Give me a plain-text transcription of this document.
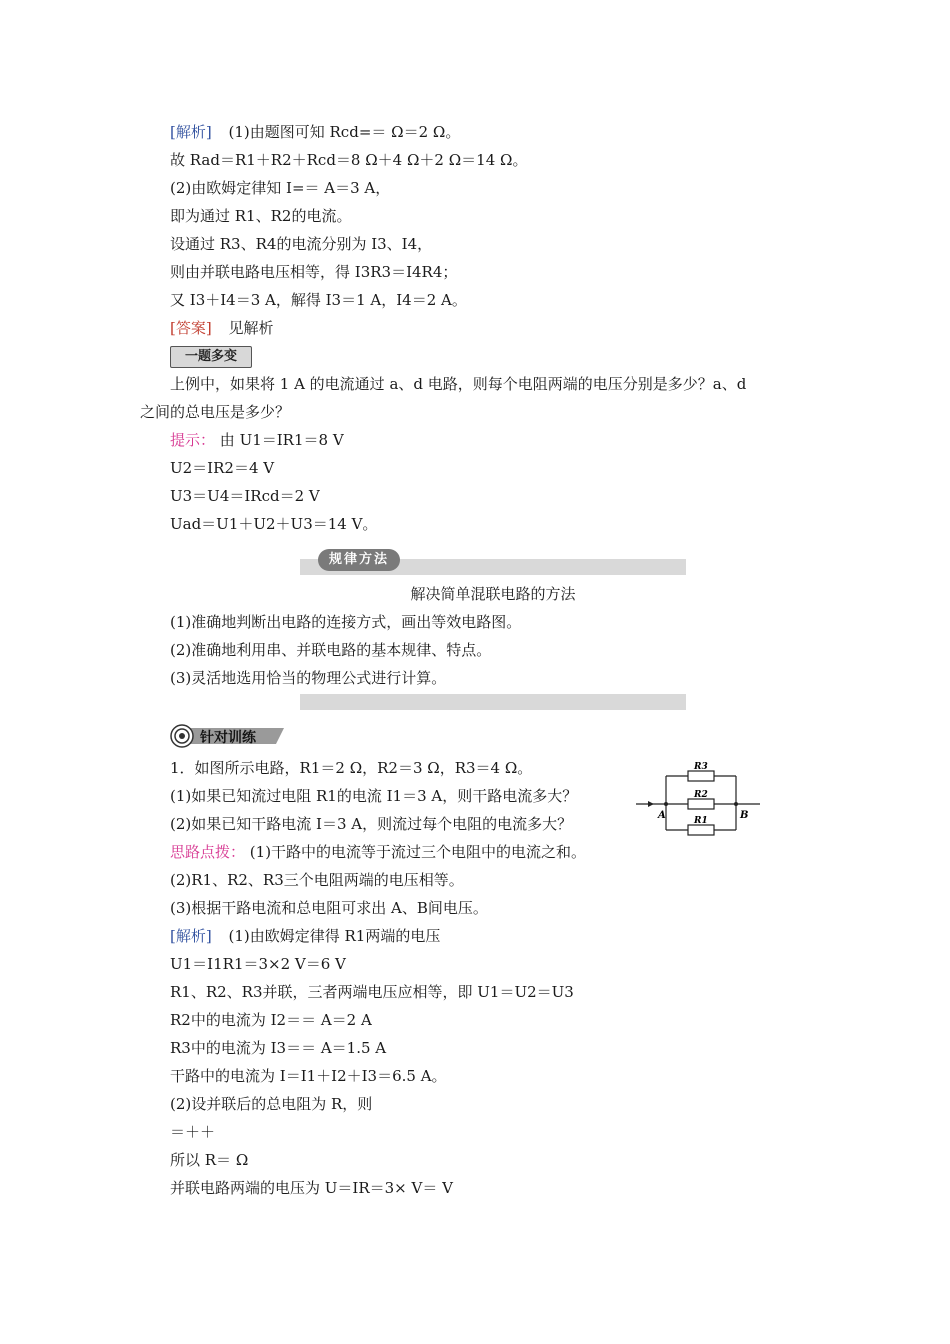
[解析] (1)由题图可知 Rcd=＝ Ω＝2 Ω。
故 Rad＝R1＋R2＋Rcd＝8 Ω＋4 Ω＋2 Ω＝14 Ω。
(2)由欧姆定律知 I=＝ A＝3 A，
即为通过 R1、R2的电流。
设通过 R3、R4的电流分别为 I3、I4，
则由并联电路电压相等，得 I3R3＝I4R4；
又 I3＋I4＝3 A，解得 I3＝1 A，I4＝2 A。
[答案] 见解析
一题多变
上例中，如果将 1 A 的电流通过 a、d 电路，则每个电阻两端的电压分别是多少？a、d
之间的总电压是多少？
提示： 由 U1＝IR1＝8 V
U2＝IR2＝4 V
U3＝U4＝IRcd＝2 V
Uad＝U1＋U2＋U3＝14 V。
规律方法
解决简单混联电路的方法
(1)准确地判断出电路的连接方式，画出等效电路图。
(2)准确地利用串、并联电路的基本规律、特点。
(3)灵活地选用恰当的物理公式进行计算。
针对训练
1．如图所示电路，R1＝2 Ω，R2＝3 Ω，R3＝4 Ω。
(1)如果已知流过电阻 R1的电流 I1＝3 A，则干路电流多大？
(2)如果已知干路电流 I＝3 A，则流过每个电阻的电流多大？
思路点拨： (1)干路中的电流等于流过三个电阻中的电流之和。
(2)R1、R2、R3三个电阻两端的电压相等。
(3)根据干路电流和总电阻可求出 A、B间电压。
[解析] (1)由欧姆定律得 R1两端的电压
U1＝I1R1＝3×2 V＝6 V
R1、R2、R3并联，三者两端电压应相等，即 U1＝U2＝U3
R2中的电流为 I2＝＝ A＝2 A
R3中的电流为 I3＝＝ A＝1.5 A
干路中的电流为 I＝I1＋I2＋I3＝6.5 A。
(2)设并联后的总电阻为 R，则
＝＋＋
所以 R＝ Ω
并联电路两端的电压为 U＝IR＝3× V＝ V
R3
R2
R1
A	B
